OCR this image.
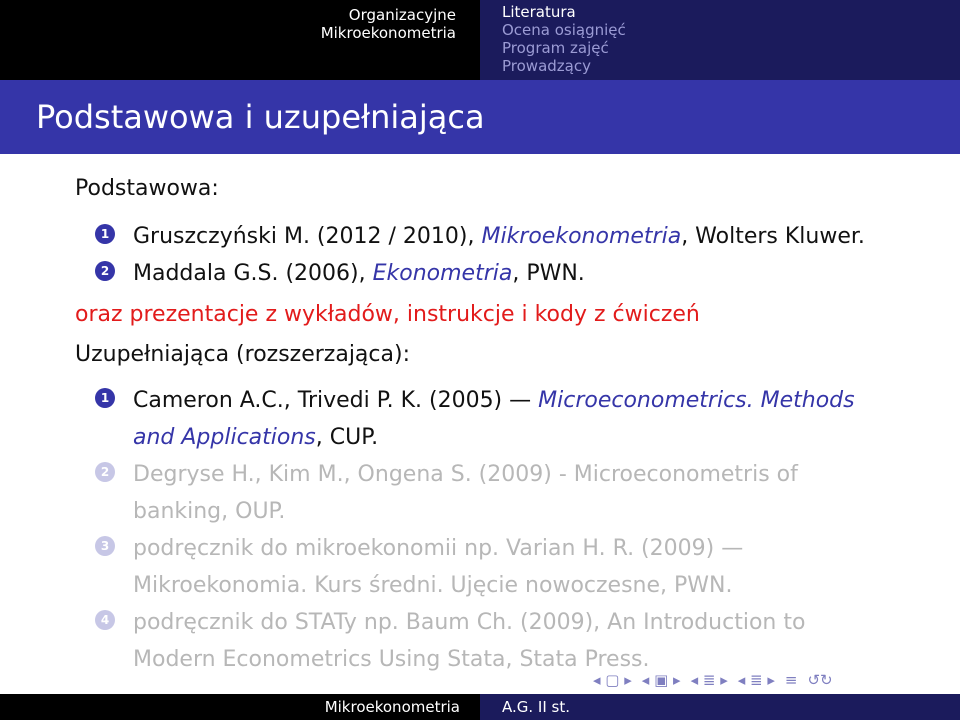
Organizacyjne
Mikroekonometria
Literatura
Ocena osiągnięć
Program zajęć
Prowadzący
Podstawowa i uzupełniająca
Podstawowa:
1 Gruszczyński M. (2012 / 2010), Mikroekonometria, Wolters Kluwer.
2 Maddala G.S. (2006), Ekonometria, PWN.
oraz prezentacje z wykładów, instrukcje i kody z ćwiczeń
Uzupełniająca (rozszerzająca):
1 Cameron A.C., Trivedi P. K. (2005) — Microeconometrics. Methods and Applications, CUP.
2 Degryse H., Kim M., Ongena S. (2009) - Microeconometris of banking, OUP.
3 podręcznik do mikroekonomii np. Varian H. R. (2009) — Mikroekonomia. Kurs średni. Ujęcie nowoczesne, PWN.
4 podręcznik do STATy np. Baum Ch. (2009), An Introduction to Modern Econometrics Using Stata, Stata Press.
◂ ▢ ▸ ◂ ▣ ▸ ◂ ≣ ▸ ◂ ≣ ▸ ≡ ↺↻
Mikroekonometria	A.G. II st.
